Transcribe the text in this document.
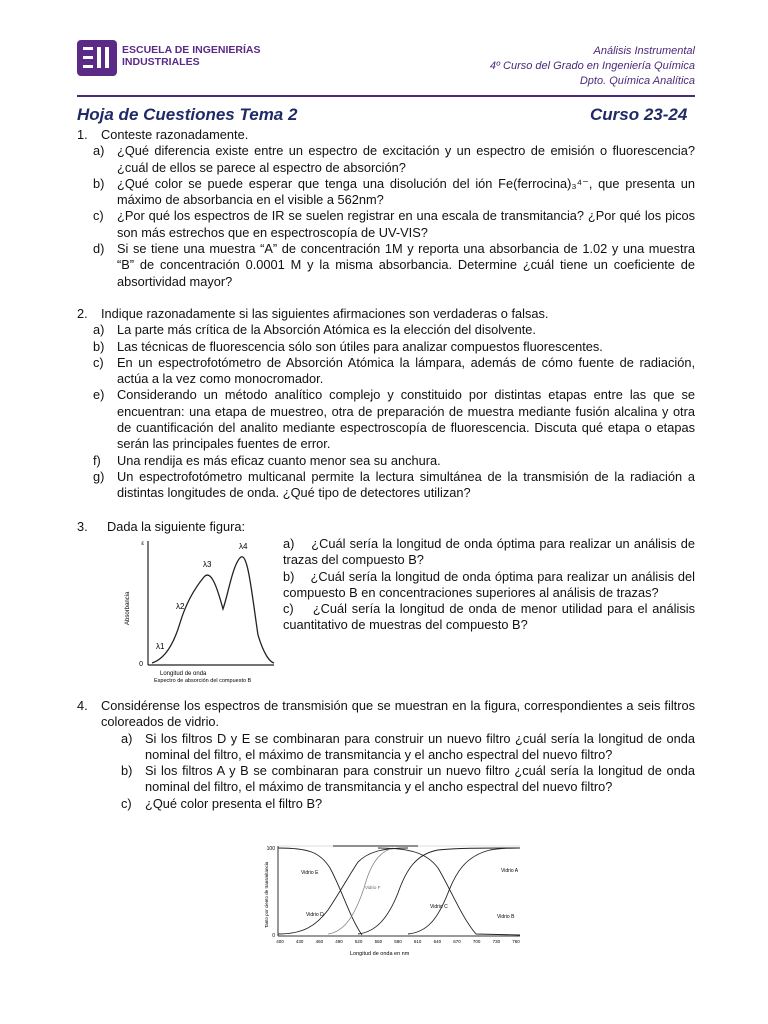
ESCUELA DE INGENIERÍAS
INDUSTRIALES
Análisis Instrumental
4º Curso del Grado en Ingeniería Química
Dpto. Química Analítica
Hoja de Cuestiones Tema 2	Curso 23-24
1.	Conteste razonadamente.
a) ¿Qué diferencia existe entre un espectro de excitación y un espectro de emisión o fluorescencia? ¿cuál de ellos se parece al espectro de absorción?
b) ¿Qué color se puede esperar que tenga una disolución del ión Fe(ferrocina)₃⁴⁻, que presenta un máximo de absorbancia en el visible a 562nm?
c)	¿Por qué los espectros de IR se suelen registrar en una escala de transmitancia? ¿Por qué los picos son más estrechos que en espectroscopía de UV-VIS?
d) Si se tiene una muestra “A” de concentración 1M y reporta una absorbancia de 1.02 y una muestra “B” de concentración 0.0001 M y la misma absorbancia. Determine ¿cuál tiene un coeficiente de absortividad mayor?
2.	Indique razonadamente si las siguientes afirmaciones son verdaderas o falsas.
a) La parte más crítica de la Absorción Atómica es la elección del disolvente.
b) Las técnicas de fluorescencia sólo son útiles para analizar compuestos fluorescentes.
c)	En un espectrofotómetro de Absorción Atómica la lámpara, además de cómo fuente de radiación, actúa a la vez como monocromador.
e) Considerando un método analítico complejo y constituido por distintas etapas entre las que se encuentran: una etapa de muestreo, otra de preparación de muestra mediante fusión alcalina y otra de cuantificación del analito mediante espectroscopía de fluorescencia. Discuta qué etapa o etapas serán las principales fuentes de error.
f)	Una rendija es más eficaz cuanto menor sea su anchura.
g) Un espectrofotómetro multicanal permite la lectura simultánea de la transmisión de la radiación a distintas longitudes de onda. ¿Qué tipo de detectores utilizan?
3.	Dada la siguiente figura:
ε
0
Absorbancia
Longitud de onda
Espectro de absorción del compuesto B
λ1
λ2
λ3
λ4	a) ¿Cuál sería la longitud de onda óptima para realizar un análisis de trazas del compuesto B?
b) ¿Cuál sería la longitud de onda óptima para realizar un análisis del compuesto B en concentraciones superiores al análisis de trazas?
c) ¿Cuál sería la longitud de onda de menor utilidad para el análisis cuantitativo de muestras del compuesto B?
4.	Considérense los espectros de transmisión que se muestran en la figura, correspondientes a seis filtros coloreados de vidrio.
a) Si los filtros D y E se combinaran para construir un nuevo filtro ¿cuál sería la longitud de onda nominal del filtro, el máximo de transmitancia y el ancho espectral del nuevo filtro?
b) Si los filtros A y B se combinaran para construir un nuevo filtro ¿cuál sería la longitud de onda nominal del filtro, el máximo de transmitancia y el ancho espectral del nuevo filtro?
c)	¿Qué color presenta el filtro B?
100
0
Tanto por ciento de transmitancia
Longitud de onda en nm
400	430	460	490	520	550	580	610	640	670	700	730	760
Vidrio A
Vidrio B
Vidrio C
Vidrio D
Vidrio E
Vidrio F
